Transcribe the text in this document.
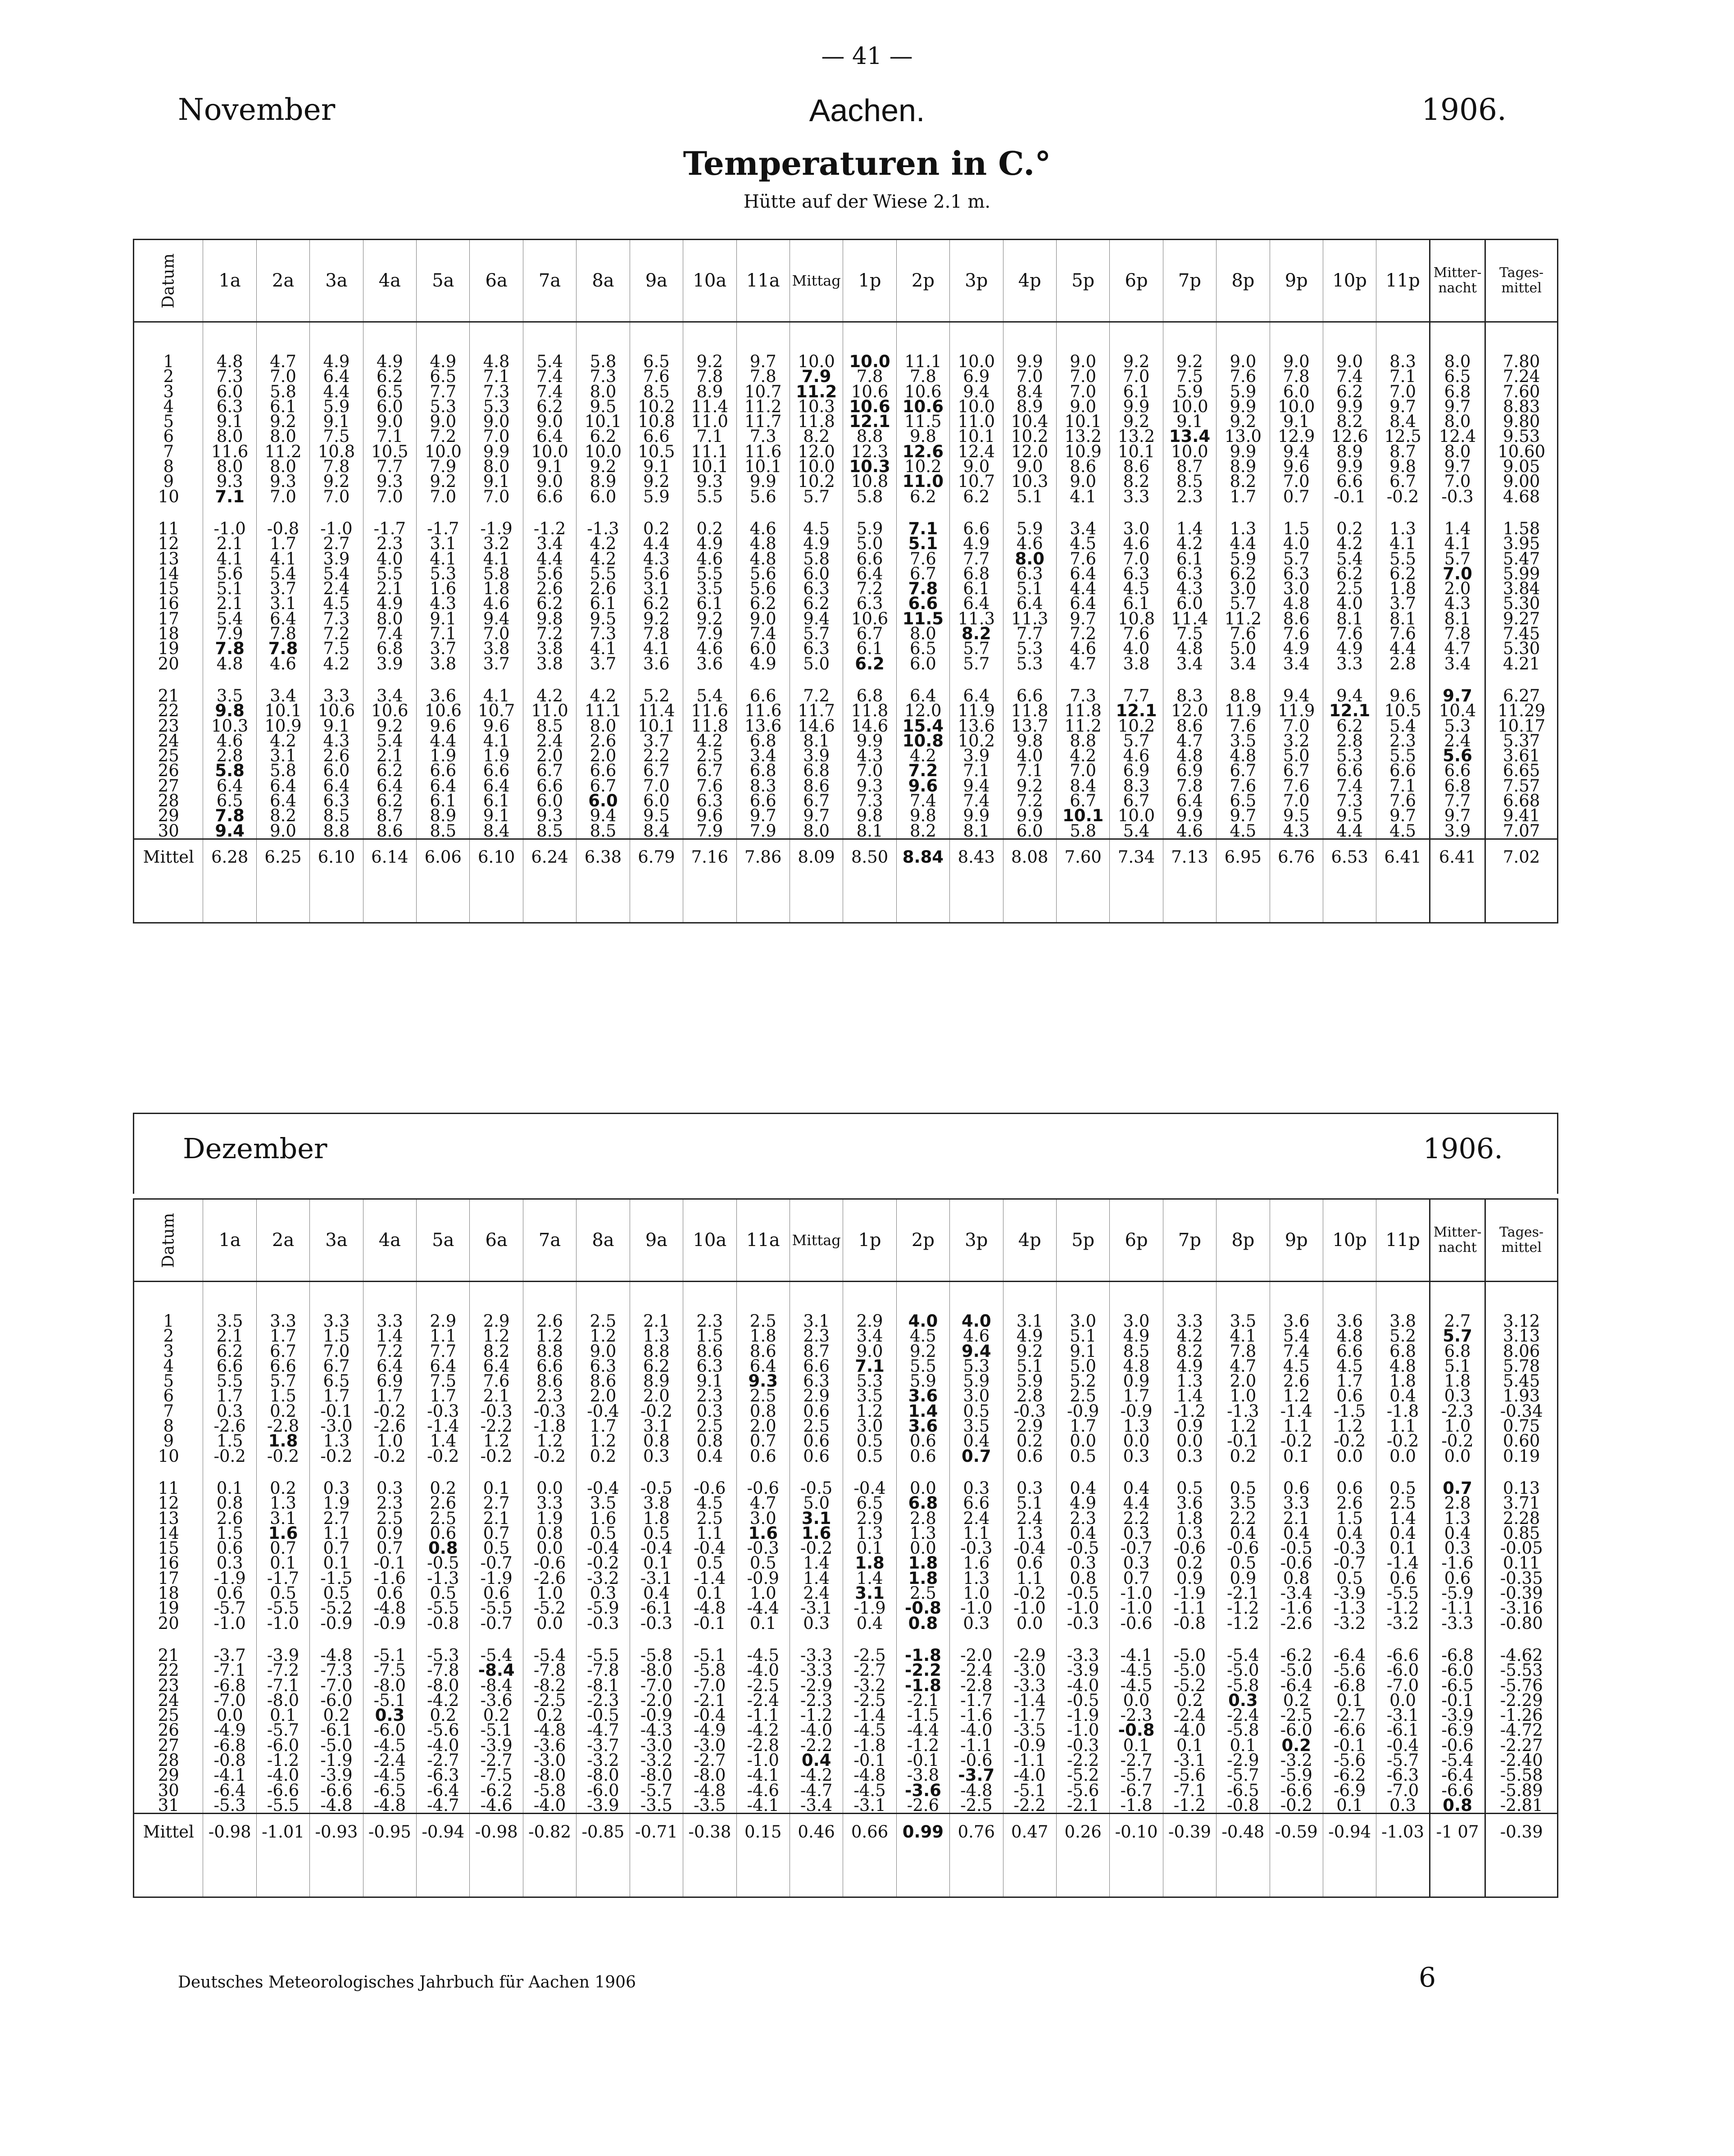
— 41 —
November	Aachen.	1906.
Temperaturen in C.°
Hütte auf der Wiese 2.1 m.
Datum	1a	2a	3a	4a	5a	6a	7a	8a	9a	10a	11a	Mittag	1p	2p	3p	4p	5p	6p	7p	8p	9p	10p	11p	Mitter-nacht	Tages-mittel

1	4.8	4.7	4.9	4.9	4.9	4.8	5.4	5.8	6.5	9.2	9.7	10.0	10.0	11.1	10.0	9.9	9.0	9.2	9.2	9.0	9.0	9.0	8.3	8.0	7.80
2	7.3	7.0	6.4	6.2	6.5	7.1	7.4	7.3	7.6	7.8	7.8	7.9	7.8	7.8	6.9	7.0	7.0	7.0	7.5	7.6	7.8	7.4	7.1	6.5	7.24
3	6.0	5.8	4.4	6.5	7.7	7.3	7.4	8.0	8.5	8.9	10.7	11.2	10.6	10.6	9.4	8.4	7.0	6.1	5.9	5.9	6.0	6.2	7.0	6.8	7.60
4	6.3	6.1	5.9	6.0	5.3	5.3	6.2	9.5	10.2	11.4	11.2	10.3	10.6	10.6	10.0	8.9	9.0	9.9	10.0	9.9	10.0	9.9	9.7	9.7	8.83
5	9.1	9.2	9.1	9.0	9.0	9.0	9.0	10.1	10.8	11.0	11.7	11.8	12.1	11.5	11.0	10.4	10.1	9.2	9.1	9.2	9.1	8.2	8.4	8.0	9.80
6	8.0	8.0	7.5	7.1	7.2	7.0	6.4	6.2	6.6	7.1	7.3	8.2	8.8	9.8	10.1	10.2	13.2	13.2	13.4	13.0	12.9	12.6	12.5	12.4	9.53
7	11.6	11.2	10.8	10.5	10.0	9.9	10.0	10.0	10.5	11.1	11.6	12.0	12.3	12.6	12.4	12.0	10.9	10.1	10.0	9.9	9.4	8.9	8.7	8.0	10.60
8	8.0	8.0	7.8	7.7	7.9	8.0	9.1	9.2	9.1	10.1	10.1	10.0	10.3	10.2	9.0	9.0	8.6	8.6	8.7	8.9	9.6	9.9	9.8	9.7	9.05
9	9.3	9.3	9.2	9.3	9.2	9.1	9.0	8.9	9.2	9.3	9.9	10.2	10.8	11.0	10.7	10.3	9.0	8.2	8.5	8.2	7.0	6.6	6.7	7.0	9.00
10	7.1	7.0	7.0	7.0	7.0	7.0	6.6	6.0	5.9	5.5	5.6	5.7	5.8	6.2	6.2	5.1	4.1	3.3	2.3	1.7	0.7	-0.1	-0.2	-0.3	4.68

11	-1.0	-0.8	-1.0	-1.7	-1.7	-1.9	-1.2	-1.3	0.2	0.2	4.6	4.5	5.9	7.1	6.6	5.9	3.4	3.0	1.4	1.3	1.5	0.2	1.3	1.4	1.58
12	2.1	1.7	2.7	2.3	3.1	3.2	3.4	4.2	4.4	4.9	4.8	4.9	5.0	5.1	4.9	4.6	4.5	4.6	4.2	4.4	4.0	4.2	4.1	4.1	3.95
13	4.1	4.1	3.9	4.0	4.1	4.1	4.4	4.2	4.3	4.6	4.8	5.8	6.6	7.6	7.7	8.0	7.6	7.0	6.1	5.9	5.7	5.4	5.5	5.7	5.47
14	5.6	5.4	5.4	5.5	5.3	5.8	5.6	5.5	5.6	5.5	5.6	6.0	6.4	6.7	6.8	6.3	6.4	6.3	6.3	6.2	6.3	6.2	6.2	7.0	5.99
15	5.1	3.7	2.4	2.1	1.6	1.8	2.6	2.6	3.1	3.5	5.6	6.3	7.2	7.8	6.1	5.1	4.4	4.5	4.3	3.0	3.0	2.5	1.8	2.0	3.84
16	2.1	3.1	4.5	4.9	4.3	4.6	6.2	6.1	6.2	6.1	6.2	6.2	6.3	6.6	6.4	6.4	6.4	6.1	6.0	5.7	4.8	4.0	3.7	4.3	5.30
17	5.4	6.4	7.3	8.0	9.1	9.4	9.8	9.5	9.2	9.2	9.0	9.4	10.6	11.5	11.3	11.3	9.7	10.8	11.4	11.2	8.6	8.1	8.1	8.1	9.27
18	7.9	7.8	7.2	7.4	7.1	7.0	7.2	7.3	7.8	7.9	7.4	5.7	6.7	8.0	8.2	7.7	7.2	7.6	7.5	7.6	7.6	7.6	7.6	7.8	7.45
19	7.8	7.8	7.5	6.8	3.7	3.8	3.8	4.1	4.1	4.6	6.0	6.3	6.1	6.5	5.7	5.3	4.6	4.0	4.8	5.0	4.9	4.9	4.4	4.7	5.30
20	4.8	4.6	4.2	3.9	3.8	3.7	3.8	3.7	3.6	3.6	4.9	5.0	6.2	6.0	5.7	5.3	4.7	3.8	3.4	3.4	3.4	3.3	2.8	3.4	4.21

21	3.5	3.4	3.3	3.4	3.6	4.1	4.2	4.2	5.2	5.4	6.6	7.2	6.8	6.4	6.4	6.6	7.3	7.7	8.3	8.8	9.4	9.4	9.6	9.7	6.27
22	9.8	10.1	10.6	10.6	10.6	10.7	11.0	11.1	11.4	11.6	11.6	11.7	11.8	12.0	11.9	11.8	11.8	12.1	12.0	11.9	11.9	12.1	10.5	10.4	11.29
23	10.3	10.9	9.1	9.2	9.6	9.6	8.5	8.0	10.1	11.8	13.6	14.6	14.6	15.4	13.6	13.7	11.2	10.2	8.6	7.6	7.0	6.2	5.4	5.3	10.17
24	4.6	4.2	4.3	5.4	4.4	4.1	2.4	2.6	3.7	4.2	6.8	8.1	9.9	10.8	10.2	9.8	8.8	5.7	4.7	3.5	3.2	2.8	2.3	2.4	5.37
25	2.8	3.1	2.6	2.1	1.9	1.9	2.0	2.0	2.2	2.5	3.4	3.9	4.3	4.2	3.9	4.0	4.2	4.6	4.8	4.8	5.0	5.3	5.5	5.6	3.61
26	5.8	5.8	6.0	6.2	6.6	6.6	6.7	6.6	6.7	6.7	6.8	6.8	7.0	7.2	7.1	7.1	7.0	6.9	6.9	6.7	6.7	6.6	6.6	6.6	6.65
27	6.4	6.4	6.4	6.4	6.4	6.4	6.6	6.7	7.0	7.6	8.3	8.6	9.3	9.6	9.4	9.2	8.4	8.3	7.8	7.6	7.6	7.4	7.1	6.8	7.57
28	6.5	6.4	6.3	6.2	6.1	6.1	6.0	6.0	6.0	6.3	6.6	6.7	7.3	7.4	7.4	7.2	6.7	6.7	6.4	6.5	7.0	7.3	7.6	7.7	6.68
29	7.8	8.2	8.5	8.7	8.9	9.1	9.3	9.4	9.5	9.6	9.7	9.7	9.8	9.8	9.9	9.9	10.1	10.0	9.9	9.7	9.5	9.5	9.7	9.7	9.41
30	9.4	9.0	8.8	8.6	8.5	8.4	8.5	8.5	8.4	7.9	7.9	8.0	8.1	8.2	8.1	6.0	5.8	5.4	4.6	4.5	4.3	4.4	4.5	3.9	7.07
Mittel	6.28	6.25	6.10	6.14	6.06	6.10	6.24	6.38	6.79	7.16	7.86	8.09	8.50	8.84	8.43	8.08	7.60	7.34	7.13	6.95	6.76	6.53	6.41	6.41	7.02

Dezember	1906.
Datum	1a	2a	3a	4a	5a	6a	7a	8a	9a	10a	11a	Mittag	1p	2p	3p	4p	5p	6p	7p	8p	9p	10p	11p	Mitter-nacht	Tages-mittel

1	3.5	3.3	3.3	3.3	2.9	2.9	2.6	2.5	2.1	2.3	2.5	3.1	2.9	4.0	4.0	3.1	3.0	3.0	3.3	3.5	3.6	3.6	3.8	2.7	3.12
2	2.1	1.7	1.5	1.4	1.1	1.2	1.2	1.2	1.3	1.5	1.8	2.3	3.4	4.5	4.6	4.9	5.1	4.9	4.2	4.1	5.4	4.8	5.2	5.7	3.13
3	6.2	6.7	7.0	7.2	7.7	8.2	8.8	9.0	8.8	8.6	8.6	8.7	9.0	9.2	9.4	9.2	9.1	8.5	8.2	7.8	7.4	6.6	6.8	6.8	8.06
4	6.6	6.6	6.7	6.4	6.4	6.4	6.6	6.3	6.2	6.3	6.4	6.6	7.1	5.5	5.3	5.1	5.0	4.8	4.9	4.7	4.5	4.5	4.8	5.1	5.78
5	5.5	5.7	6.5	6.9	7.5	7.6	8.6	8.6	8.9	9.1	9.3	6.3	5.3	5.9	5.9	5.9	5.2	0.9	1.3	2.0	2.6	1.7	1.8	1.8	5.45
6	1.7	1.5	1.7	1.7	1.7	2.1	2.3	2.0	2.0	2.3	2.5	2.9	3.5	3.6	3.0	2.8	2.5	1.7	1.4	1.0	1.2	0.6	0.4	0.3	1.93
7	0.3	0.2	-0.1	-0.2	-0.3	-0.3	-0.3	-0.4	-0.2	0.3	0.8	0.6	1.2	1.4	0.5	-0.3	-0.9	-0.9	-1.2	-1.3	-1.4	-1.5	-1.8	-2.3	-0.34
8	-2.6	-2.8	-3.0	-2.6	-1.4	-2.2	-1.8	1.7	3.1	2.5	2.0	2.5	3.0	3.6	3.5	2.9	1.7	1.3	0.9	1.2	1.1	1.2	1.1	1.0	0.75
9	1.5	1.8	1.3	1.0	1.4	1.2	1.2	1.2	0.8	0.8	0.7	0.6	0.5	0.6	0.4	0.2	0.0	0.0	0.0	-0.1	-0.2	-0.2	-0.2	-0.2	0.60
10	-0.2	-0.2	-0.2	-0.2	-0.2	-0.2	-0.2	0.2	0.3	0.4	0.6	0.6	0.5	0.6	0.7	0.6	0.5	0.3	0.3	0.2	0.1	0.0	0.0	0.0	0.19

11	0.1	0.2	0.3	0.3	0.2	0.1	0.0	-0.4	-0.5	-0.6	-0.6	-0.5	-0.4	0.0	0.3	0.3	0.4	0.4	0.5	0.5	0.6	0.6	0.5	0.7	0.13
12	0.8	1.3	1.9	2.3	2.6	2.7	3.3	3.5	3.8	4.5	4.7	5.0	6.5	6.8	6.6	5.1	4.9	4.4	3.6	3.5	3.3	2.6	2.5	2.8	3.71
13	2.6	3.1	2.7	2.5	2.5	2.1	1.9	1.6	1.8	2.5	3.0	3.1	2.9	2.8	2.4	2.4	2.3	2.2	1.8	2.2	2.1	1.5	1.4	1.3	2.28
14	1.5	1.6	1.1	0.9	0.6	0.7	0.8	0.5	0.5	1.1	1.6	1.6	1.3	1.3	1.1	1.3	0.4	0.3	0.3	0.4	0.4	0.4	0.4	0.4	0.85
15	0.6	0.7	0.7	0.7	0.8	0.5	0.0	-0.4	-0.4	-0.4	-0.3	-0.2	0.1	0.0	-0.3	-0.4	-0.5	-0.7	-0.6	-0.6	-0.5	-0.3	0.1	0.3	-0.05
16	0.3	0.1	0.1	-0.1	-0.5	-0.7	-0.6	-0.2	0.1	0.5	0.5	1.4	1.8	1.8	1.6	0.6	0.3	0.3	0.2	0.5	-0.6	-0.7	-1.4	-1.6	0.11
17	-1.9	-1.7	-1.5	-1.6	-1.3	-1.9	-2.6	-3.2	-3.1	-1.4	-0.9	1.4	1.4	1.8	1.3	1.1	0.8	0.7	0.9	0.9	0.8	0.5	0.6	0.6	-0.35
18	0.6	0.5	0.5	0.6	0.5	0.6	1.0	0.3	0.4	0.1	1.0	2.4	3.1	2.5	1.0	-0.2	-0.5	-1.0	-1.9	-2.1	-3.4	-3.9	-5.5	-5.9	-0.39
19	-5.7	-5.5	-5.2	-4.8	-5.5	-5.5	-5.2	-5.9	-6.1	-4.8	-4.4	-3.1	-1.9	-0.8	-1.0	-1.0	-1.0	-1.0	-1.1	-1.2	-1.6	-1.3	-1.2	-1.1	-3.16
20	-1.0	-1.0	-0.9	-0.9	-0.8	-0.7	0.0	-0.3	-0.3	-0.1	0.1	0.3	0.4	0.8	0.3	0.0	-0.3	-0.6	-0.8	-1.2	-2.6	-3.2	-3.2	-3.3	-0.80

21	-3.7	-3.9	-4.8	-5.1	-5.3	-5.4	-5.4	-5.5	-5.8	-5.1	-4.5	-3.3	-2.5	-1.8	-2.0	-2.9	-3.3	-4.1	-5.0	-5.4	-6.2	-6.4	-6.6	-6.8	-4.62
22	-7.1	-7.2	-7.3	-7.5	-7.8	-8.4	-7.8	-7.8	-8.0	-5.8	-4.0	-3.3	-2.7	-2.2	-2.4	-3.0	-3.9	-4.5	-5.0	-5.0	-5.0	-5.6	-6.0	-6.0	-5.53
23	-6.8	-7.1	-7.0	-8.0	-8.0	-8.4	-8.2	-8.1	-7.0	-7.0	-2.5	-2.9	-3.2	-1.8	-2.8	-3.3	-4.0	-4.5	-5.2	-5.8	-6.4	-6.8	-7.0	-6.5	-5.76
24	-7.0	-8.0	-6.0	-5.1	-4.2	-3.6	-2.5	-2.3	-2.0	-2.1	-2.4	-2.3	-2.5	-2.1	-1.7	-1.4	-0.5	0.0	0.2	0.3	0.2	0.1	0.0	-0.1	-2.29
25	0.0	0.1	0.2	0.3	0.2	0.2	0.2	-0.5	-0.9	-0.4	-1.1	-1.2	-1.4	-1.5	-1.6	-1.7	-1.9	-2.3	-2.4	-2.4	-2.5	-2.7	-3.1	-3.9	-1.26
26	-4.9	-5.7	-6.1	-6.0	-5.6	-5.1	-4.8	-4.7	-4.3	-4.9	-4.2	-4.0	-4.5	-4.4	-4.0	-3.5	-1.0	-0.8	-4.0	-5.8	-6.0	-6.6	-6.1	-6.9	-4.72
27	-6.8	-6.0	-5.0	-4.5	-4.0	-3.9	-3.6	-3.7	-3.0	-3.0	-2.8	-2.2	-1.8	-1.2	-1.1	-0.9	-0.3	0.1	0.1	0.1	0.2	-0.1	-0.4	-0.6	-2.27
28	-0.8	-1.2	-1.9	-2.4	-2.7	-2.7	-3.0	-3.2	-3.2	-2.7	-1.0	0.4	-0.1	-0.1	-0.6	-1.1	-2.2	-2.7	-3.1	-2.9	-3.2	-5.6	-5.7	-5.4	-2.40
29	-4.1	-4.0	-3.9	-4.5	-6.3	-7.5	-8.0	-8.0	-8.0	-8.0	-4.1	-4.2	-4.8	-3.8	-3.7	-4.0	-5.2	-5.7	-5.6	-5.7	-5.9	-6.2	-6.3	-6.4	-5.58
30	-6.4	-6.6	-6.6	-6.5	-6.4	-6.2	-5.8	-6.0	-5.7	-4.8	-4.6	-4.7	-4.5	-3.6	-4.8	-5.1	-5.6	-6.7	-7.1	-6.5	-6.6	-6.9	-7.0	-6.6	-5.89
31	-5.3	-5.5	-4.8	-4.8	-4.7	-4.6	-4.0	-3.9	-3.5	-3.5	-4.1	-3.4	-3.1	-2.6	-2.5	-2.2	-2.1	-1.8	-1.2	-0.8	-0.2	0.1	0.3	0.8	-2.81
Mittel	-0.98	-1.01	-0.93	-0.95	-0.94	-0.98	-0.82	-0.85	-0.71	-0.38	0.15	0.46	0.66	0.99	0.76	0.47	0.26	-0.10	-0.39	-0.48	-0.59	-0.94	-1.03	-1 07	-0.39

Deutsches Meteorologisches Jahrbuch für Aachen 1906	6
